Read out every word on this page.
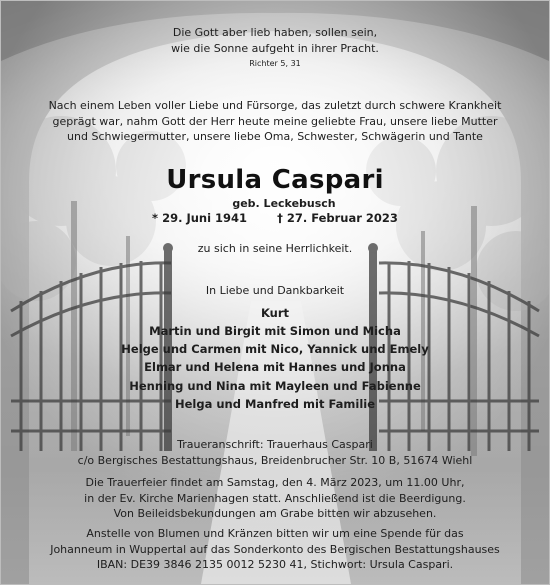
Die Gott aber lieb haben, sollen sein,
wie die Sonne aufgeht in ihrer Pracht.
Richter 5, 31
Nach einem Leben voller Liebe und Fürsorge, das zuletzt durch schwere Krankheit
geprägt war, nahm Gott der Herr heute meine geliebte Frau, unsere liebe Mutter
und Schwiegermutter, unsere liebe Oma, Schwester, Schwägerin und Tante
Ursula Caspari
geb. Leckebusch
* 29. Juni 1941	† 27. Februar 2023
zu sich in seine Herrlichkeit.
In Liebe und Dankbarkeit
Kurt
Martin und Birgit mit Simon und Micha
Helge und Carmen mit Nico, Yannick und Emely
Elmar und Helena mit Hannes und Jonna
Henning und Nina mit Mayleen und Fabienne
Helga und Manfred mit Familie
Traueranschrift: Trauerhaus Caspari
c/o Bergisches Bestattungshaus, Breidenbrucher Str. 10 B, 51674 Wiehl
Die Trauerfeier findet am Samstag, den 4. März 2023, um 11.00 Uhr,
in der Ev. Kirche Marienhagen statt. Anschließend ist die Beerdigung.
Von Beileidsbekundungen am Grabe bitten wir abzusehen.
Anstelle von Blumen und Kränzen bitten wir um eine Spende für das
Johanneum in Wuppertal auf das Sonderkonto des Bergischen Bestattungshauses
IBAN: DE39 3846 2135 0012 5230 41, Stichwort: Ursula Caspari.
